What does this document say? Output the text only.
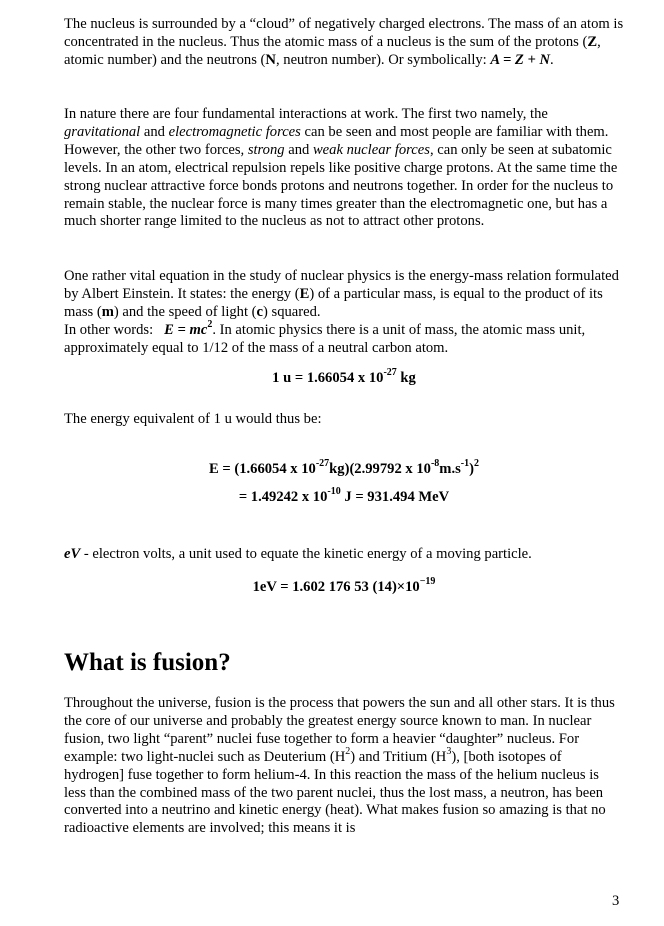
The nucleus is surrounded by a “cloud” of negatively charged electrons. The mass of an atom is concentrated in the nucleus. Thus the atomic mass of a nucleus is the sum of the protons (Z, atomic number) and the neutrons (N, neutron number). Or symbolically: A = Z + N.

In nature there are four fundamental interactions at work. The first two namely, the gravitational and electromagnetic forces can be seen and most people are familiar with them. However, the other two forces, strong and weak nuclear forces, can only be seen at subatomic levels. In an atom, electrical repulsion repels like positive charge protons. At the same time the strong nuclear attractive force bonds protons and neutrons together. In order for the nucleus to remain stable, the nuclear force is many times greater than the electromagnetic one, but has a much shorter range limited to the nucleus as not to attract other protons.

One rather vital equation in the study of nuclear physics is the energy-mass relation formulated by Albert Einstein. It states: the energy (E) of a particular mass, is equal to the product of its mass (m) and the speed of light (c) squared.
In other words:   $E = mc^2$. In atomic physics there is a unit of mass, the atomic mass unit, approximately equal to 1/12 of the mass of a neutral carbon atom.

1 u = 1.66054 x $10^{-27}$ kg

The energy equivalent of 1 u would thus be:

E = (1.66054 x $10^{-27}kg)(2.99792$ x $10^{-8}m.s^{-1})^2$

= 1.49242 x $10^{-10}$ J = 931.494 MeV

eV - electron volts, a unit used to equate the kinetic energy of a moving particle.

1eV = 1.602 176 53 $(14)\times 10^{-19}$

What is fusion?

Throughout the universe, fusion is the process that powers the sun and all other stars. It is thus the core of our universe and probably the greatest energy source known to man. In nuclear fusion, two light “parent” nuclei fuse together to form a heavier “daughter” nucleus. For example: two light-nuclei such as Deuterium $(H^2)$ and Tritium $(H^3)$, [both isotopes of hydrogen] fuse together to form helium-4. In this reaction the mass of the helium nucleus is less than the combined mass of the two parent nuclei, thus the lost mass, a neutron, has been converted into a neutrino and kinetic energy (heat). What makes fusion so amazing is that no radioactive elements are involved; this means it is

3
